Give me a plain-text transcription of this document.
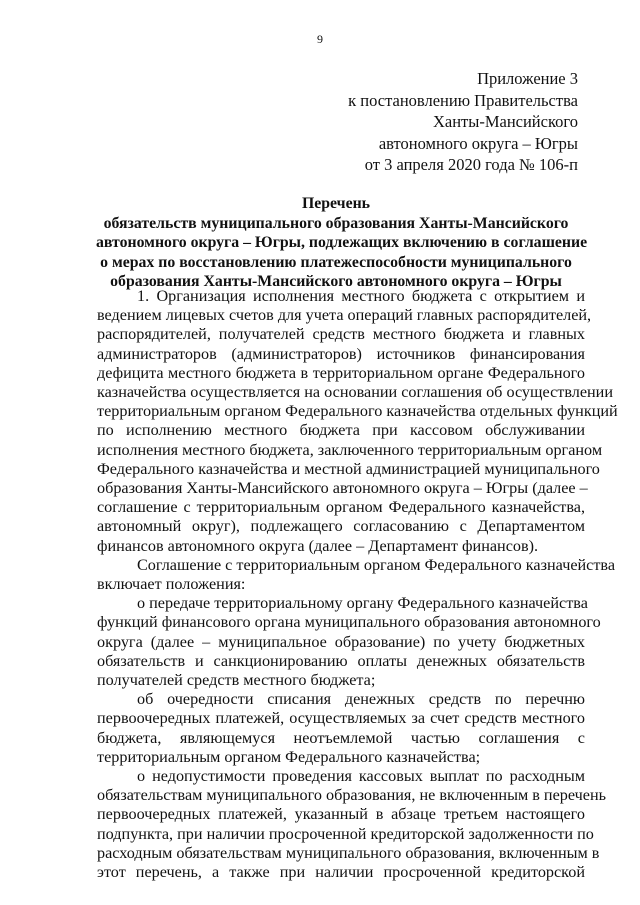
9
Приложение 3
к постановлению Правительства
Ханты-Мансийского
автономного округа – Югры
от 3 апреля 2020 года № 106-п
Перечень
обязательств муниципального образования Ханты-Мансийского
автономного округа – Югры, подлежащих включению в соглашение
о мерах по восстановлению платежеспособности муниципального
образования Ханты-Мансийского автономного округа – Югры
1. Организация исполнения местного бюджета с открытием и
ведением лицевых счетов для учета операций главных распорядителей,
распорядителей, получателей средств местного бюджета и главных
администраторов (администраторов) источников финансирования
дефицита местного бюджета в территориальном органе Федерального
казначейства осуществляется на основании соглашения об осуществлении
территориальным органом Федерального казначейства отдельных функций
по исполнению местного бюджета при кассовом обслуживании
исполнения местного бюджета, заключенного территориальным органом
Федерального казначейства и местной администрацией муниципального
образования Ханты-Мансийского автономного округа – Югры (далее –
соглашение с территориальным органом Федерального казначейства,
автономный округ), подлежащего согласованию с Департаментом
финансов автономного округа (далее – Департамент финансов).
Соглашение с территориальным органом Федерального казначейства
включает положения:
о передаче территориальному органу Федерального казначейства
функций финансового органа муниципального образования автономного
округа (далее – муниципальное образование) по учету бюджетных
обязательств и санкционированию оплаты денежных обязательств
получателей средств местного бюджета;
об очередности списания денежных средств по перечню
первоочередных платежей, осуществляемых за счет средств местного
бюджета, являющемуся неотъемлемой частью соглашения с
территориальным органом Федерального казначейства;
о недопустимости проведения кассовых выплат по расходным
обязательствам муниципального образования, не включенным в перечень
первоочередных платежей, указанный в абзаце третьем настоящего
подпункта, при наличии просроченной кредиторской задолженности по
расходным обязательствам муниципального образования, включенным в
этот перечень, а также при наличии просроченной кредиторской
